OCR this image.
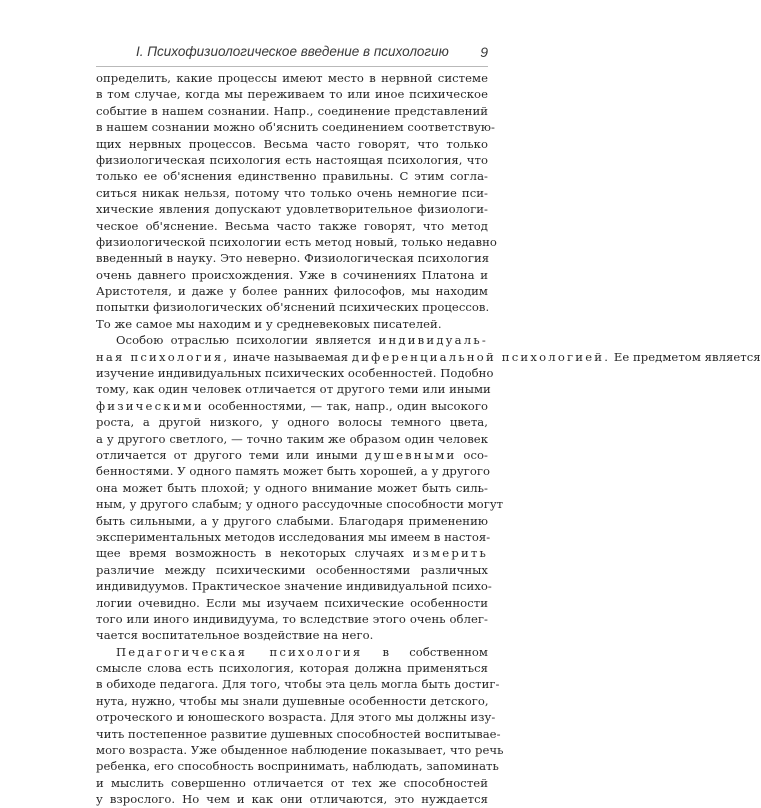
I. Психофизиологическое введение в психологию 9
определить, какие процессы имеют место в нервной системе
в том случае, когда мы переживаем то или иное психическое
событие в нашем сознании. Напр., соединение представлений
в нашем сознании можно об'яснить соединением соответствую-
щих нервных процессов. Весьма часто говорят, что только
физиологическая психология есть настоящая психология, что
только ее об'яснения единственно правильны. С этим согла-
ситься никак нельзя, потому что только очень немногие пси-
хические явления допускают удовлетворительное физиологи-
ческое об'яснение. Весьма часто также говорят, что метод
физиологической психологии есть метод новый, только недавно
введенный в науку. Это неверно. Физиологическая психология
очень давнего происхождения. Уже в сочинениях Платона и
Аристотеля, и даже у более ранних философов, мы находим
попытки физиологических об'яснений психических процессов.
То же самое мы находим и у средневековых писателей.
Особою отраслью психологии является индивидуаль-
ная психология, иначе называемая диференциальной психологией. Ее предметом является
изучение индивидуальных психических особенностей. Подобно
тому, как один человек отличается от другого теми или иными
физическими особенностями, — так, напр., один высокого
роста, а другой низкого, у одного волосы темного цвета,
а у другого светлого, — точно таким же образом один человек
отличается от другого теми или иными душевными осо-
бенностями. У одного память может быть хорошей, а у другого
она может быть плохой; у одного внимание может быть силь-
ным, у другого слабым; у одного рассудочные способности могут
быть сильными, а у другого слабыми. Благодаря применению
экспериментальных методов исследования мы имеем в настоя-
щее время возможность в некоторых случаях измерить
различие между психическими особенностями различных
индивидуумов. Практическое значение индивидуальной психо-
логии очевидно. Если мы изучаем психические особенности
того или иного индивидуума, то вследствие этого очень облег-
чается воспитательное воздействие на него.
Педагогическая психология в собственном
смысле слова есть психология, которая должна применяться
в обиходе педагога. Для того, чтобы эта цель могла быть достиг-
нута, нужно, чтобы мы знали душевные особенности детского,
отроческого и юношеского возраста. Для этого мы должны изу-
чить постепенное развитие душевных способностей воспитывае-
мого возраста. Уже обыденное наблюдение показывает, что речь
ребенка, его способность воспринимать, наблюдать, запоминать
и мыслить совершенно отличается от тех же способностей
у взрослого. Но чем и как они отличаются, это нуждается
